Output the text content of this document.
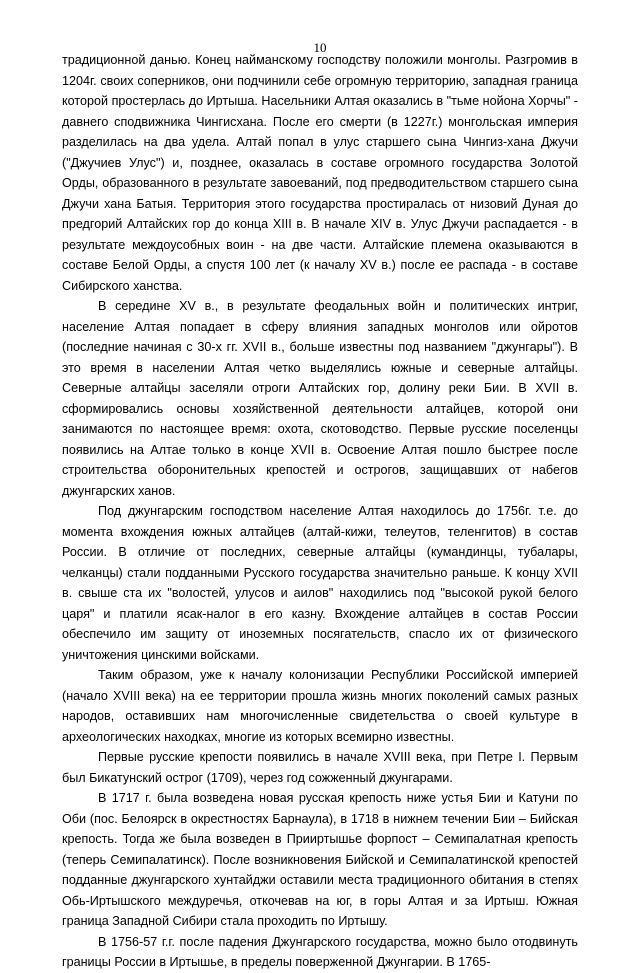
10

традиционной данью. Конец найманскому господству положили монголы. Разгромив в 1204г. своих соперников, они подчинили себе огромную территорию, западная граница которой простерлась до Иртыша. Насельники Алтая оказались в "тьме нойона Хорчы" - давнего сподвижника Чингисхана. После его смерти (в 1227г.) монгольская империя разделилась на два удела. Алтай попал в улус старшего сына Чингиз-хана Джучи ("Джучиев Улус") и, позднее, оказалась в составе огромного государства Золотой Орды, образованного в результате завоеваний, под предводительством старшего сына Джучи хана Батыя. Территория этого государства простиралась от низовий Дуная до предгорий Алтайских гор до конца XIII в. В начале XIV в. Улус Джучи распадается - в результате междоусобных воин - на две части. Алтайские племена оказываются в составе Белой Орды, а спустя 100 лет (к началу XV в.) после ее распада - в составе Сибирского ханства.

В середине XV в., в результате феодальных войн и политических интриг, население Алтая попадает в сферу влияния западных монголов или ойротов (последние начиная с 30-х гг. XVII в., больше известны под названием "джунгары"). В это время в населении Алтая четко выделялись южные и северные алтайцы. Северные алтайцы заселяли отроги Алтайских гор, долину реки Бии. В XVII в. сформировались основы хозяйственной деятельности алтайцев, которой они занимаются по настоящее время: охота, скотоводство. Первые русские поселенцы появились на Алтае только в конце XVII в. Освоение Алтая пошло быстрее после строительства оборонительных крепостей и острогов, защищавших от набегов джунгарских ханов.

Под джунгарским господством население Алтая находилось до 1756г. т.е. до момента вхождения южных алтайцев (алтай-кижи, телеутов, теленгитов) в состав России. В отличие от последних, северные алтайцы (кумандинцы, тубалары, челканцы) стали подданными Русского государства значительно раньше. К концу XVII в. свыше ста их "волостей, улусов и аилов" находились под "высокой рукой белого царя" и платили ясак-налог в его казну. Вхождение алтайцев в состав России обеспечило им защиту от иноземных посягательств, спасло их от физического уничтожения цинскими войсками.

Таким образом, уже к началу колонизации Республики Российской империей (начало XVIII века) на ее территории прошла жизнь многих поколений самых разных народов, оставивших нам многочисленные свидетельства о своей культуре в археологических находках, многие из которых всемирно известны.

Первые русские крепости появились в начале XVIII века, при Петре I. Первым был Бикатунский острог (1709), через год сожженный джунгарами.

В 1717 г. была возведена новая русская крепость ниже устья Бии и Катуни по Оби (пос. Белоярск в окрестностях Барнаула), в 1718 в нижнем течении Бии – Бийская крепость. Тогда же была возведен в Прииртышье форпост – Семипалатная крепость (теперь Семипалатинск). После возникновения Бийской и Семипалатинской крепостей подданные джунгарского хунтайджи оставили места традиционного обитания в степях Обь-Иртышского междуречья, откочевав на юг, в горы Алтая и за Иртыш. Южная граница Западной Сибири стала проходить по Иртышу.

В 1756-57 г.г. после падения Джунгарского государства, можно было отодвинуть границы России в Иртышье, в пределы поверженной Джунгарии. В 1765-
